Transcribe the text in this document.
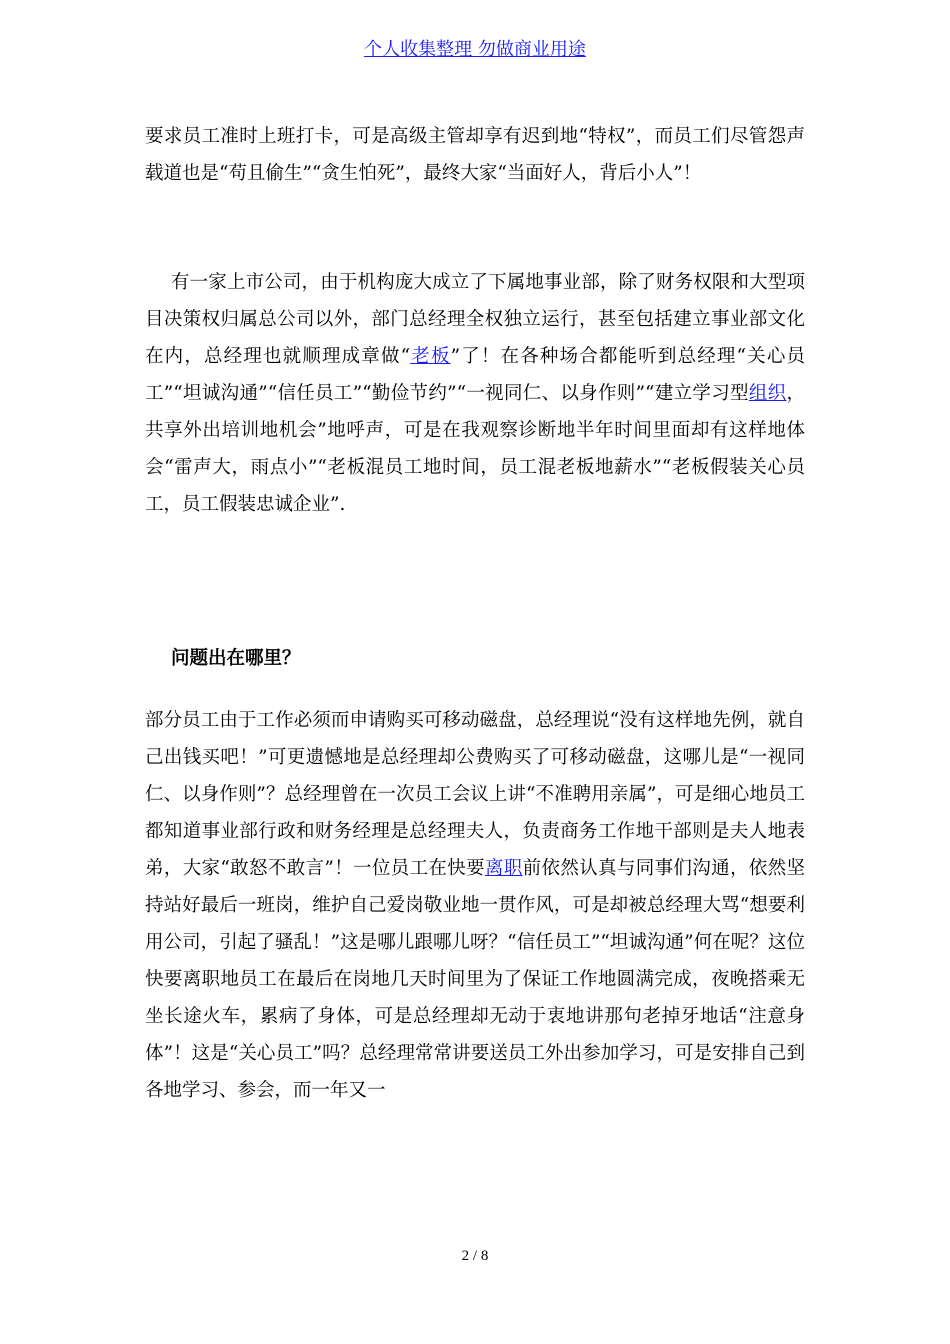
个人收集整理 勿做商业用途

要求员工准时上班打卡，可是高级主管却享有迟到地“特权”，而员工们尽管怨声载道也是“苟且偷生”“贪生怕死”，最终大家“当面好人，背后小人”！

有一家上市公司，由于机构庞大成立了下属地事业部，除了财务权限和大型项目决策权归属总公司以外，部门总经理全权独立运行，甚至包括建立事业部文化在内，总经理也就顺理成章做“老板”了！在各种场合都能听到总经理“关心员工”“坦诚沟通”“信任员工”“勤俭节约”“一视同仁、以身作则”“建立学习型组织，共享外出培训地机会”地呼声，可是在我观察诊断地半年时间里面却有这样地体会“雷声大，雨点小”“老板混员工地时间，员工混老板地薪水”“老板假装关心员工，员工假装忠诚企业”.

问题出在哪里？

部分员工由于工作必须而申请购买可移动磁盘，总经理说“没有这样地先例，就自己出钱买吧！”可更遗憾地是总经理却公费购买了可移动磁盘，这哪儿是“一视同仁、以身作则”？总经理曾在一次员工会议上讲“不准聘用亲属”，可是细心地员工都知道事业部行政和财务经理是总经理夫人，负责商务工作地干部则是夫人地表弟，大家“敢怒不敢言”！一位员工在快要离职前依然认真与同事们沟通，依然坚持站好最后一班岗，维护自己爱岗敬业地一贯作风，可是却被总经理大骂“想要利用公司，引起了骚乱！”这是哪儿跟哪儿呀？“信任员工”“坦诚沟通”何在呢？这位快要离职地员工在最后在岗地几天时间里为了保证工作地圆满完成，夜晚搭乘无坐长途火车，累病了身体，可是总经理却无动于衷地讲那句老掉牙地话“注意身体”！这是“关心员工”吗？总经理常常讲要送员工外出参加学习，可是安排自己到各地学习、参会，而一年又一

2 / 8
